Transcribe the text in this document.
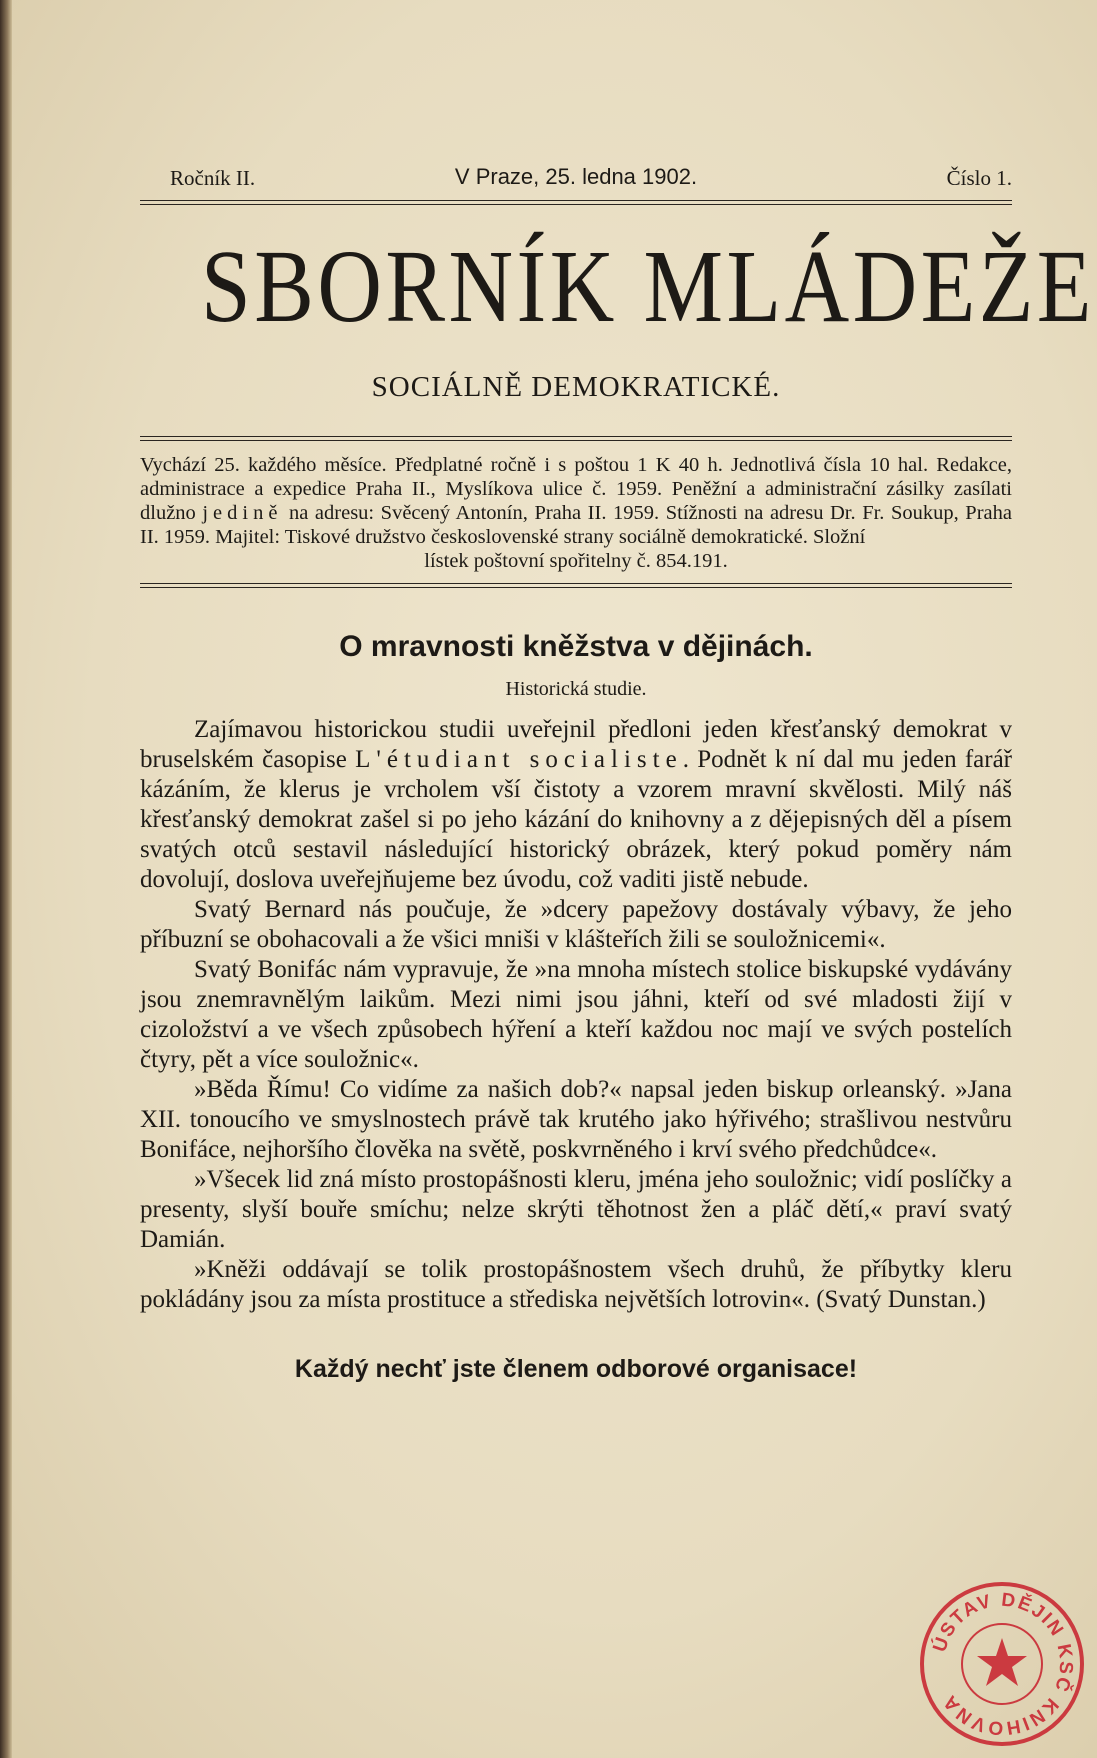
Ročník II.	V Praze, 25. ledna 1902.	Číslo 1.
SBORNÍK MLÁDEŽE
SOCIÁLNĚ DEMOKRATICKÉ.
Vychází 25. každého měsíce. Předplatné ročně i s poštou 1 K 40 h. Jednotlivá čísla 10 hal. Redakce, administrace a expedice Praha II., Myslíkova ulice č. 1959. Peněžní a administrační zásilky zasílati dlužno jedině na adresu: Svěcený Antonín, Praha II. 1959. Stížnosti na adresu Dr. Fr. Soukup, Praha II. 1959. Majitel: Tiskové družstvo československé strany sociálně demokratické. Složní
lístek poštovní spořitelny č. 854.191.
O mravnosti kněžstva v dějinách.
Historická studie.

Zajímavou historickou studii uveřejnil předloni jeden křesťanský demokrat v bruselském časopise L'étudiant socialiste. Podnět k ní dal mu jeden farář kázáním, že klerus je vrcholem vší čistoty a vzorem mravní skvělosti. Milý náš křesťanský demokrat zašel si po jeho kázání do knihovny a z dějepisných děl a písem svatých otců sestavil následující historický obrázek, který pokud poměry nám dovolují, doslova uveřejňujeme bez úvodu, což vaditi jistě nebude.

Svatý Bernard nás poučuje, že »dcery papežovy dostávaly výbavy, že jeho příbuzní se obohacovali a že všici mniši v klášteřích žili se souložnicemi«.

Svatý Bonifác nám vypravuje, že »na mnoha místech stolice biskupské vydávány jsou znemravnělým laikům. Mezi nimi jsou jáhni, kteří od své mladosti žijí v cizoložství a ve všech způsobech hýření a kteří každou noc mají ve svých postelích čtyry, pět a více souložnic«.

»Běda Římu! Co vidíme za našich dob?« napsal jeden biskup orleanský. »Jana XII. tonoucího ve smyslnostech právě tak krutého jako hýřivého; strašlivou nestvůru Bonifáce, nejhoršího člověka na světě, poskvrněného i krví svého předchůdce«.

»Všecek lid zná místo prostopášnosti kleru, jména jeho souložnic; vidí poslíčky a presenty, slyší bouře smíchu; nelze skrýti těhotnost žen a pláč dětí,« praví svatý Damián.

»Kněži oddávají se tolik prostopášnostem všech druhů, že příbytky kleru pokládány jsou za místa prostituce a střediska největších lotrovin«. (Svatý Dunstan.)

Každý nechť jste členem odborové organisace!
ÚSTAV DĚJIN KSČ KNIHOVNA
